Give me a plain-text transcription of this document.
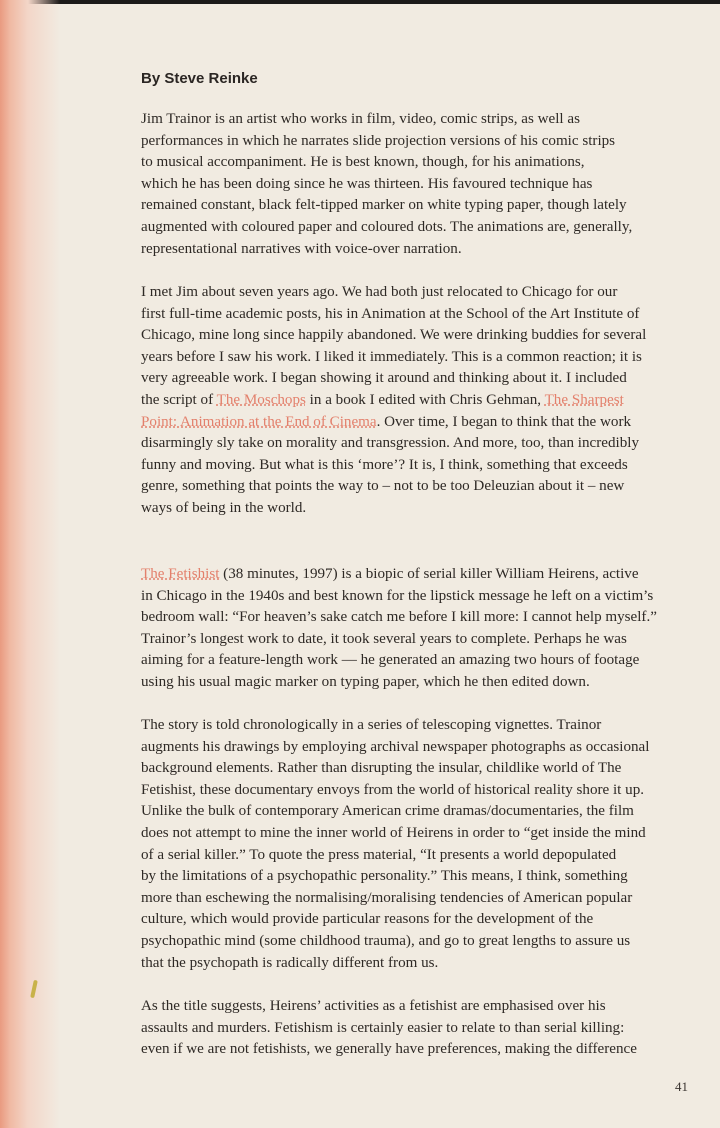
By Steve Reinke

Jim Trainor is an artist who works in film, video, comic strips, as well as
performances in which he narrates slide projection versions of his comic strips
to musical accompaniment. He is best known, though, for his animations,
which he has been doing since he was thirteen. His favoured technique has
remained constant, black felt-tipped marker on white typing paper, though lately
augmented with coloured paper and coloured dots. The animations are, generally,
representational narratives with voice-over narration.

I met Jim about seven years ago. We had both just relocated to Chicago for our
first full-time academic posts, his in Animation at the School of the Art Institute of
Chicago, mine long since happily abandoned. We were drinking buddies for several
years before I saw his work. I liked it immediately. This is a common reaction; it is
very agreeable work. I began showing it around and thinking about it. I included
the script of The Moschops in a book I edited with Chris Gehman, The Sharpest
Point: Animation at the End of Cinema. Over time, I began to think that the work
disarmingly sly take on morality and transgression. And more, too, than incredibly
funny and moving. But what is this ‘more’? It is, I think, something that exceeds
genre, something that points the way to – not to be too Deleuzian about it – new
ways of being in the world.

The Fetishist (38 minutes, 1997) is a biopic of serial killer William Heirens, active
in Chicago in the 1940s and best known for the lipstick message he left on a victim’s
bedroom wall: “For heaven’s sake catch me before I kill more: I cannot help myself.”
Trainor’s longest work to date, it took several years to complete. Perhaps he was
aiming for a feature-length work — he generated an amazing two hours of footage
using his usual magic marker on typing paper, which he then edited down.

The story is told chronologically in a series of telescoping vignettes. Trainor
augments his drawings by employing archival newspaper photographs as occasional
background elements. Rather than disrupting the insular, childlike world of The
Fetishist, these documentary envoys from the world of historical reality shore it up.
Unlike the bulk of contemporary American crime dramas/documentaries, the film
does not attempt to mine the inner world of Heirens in order to “get inside the mind
of a serial killer.” To quote the press material, “It presents a world depopulated
by the limitations of a psychopathic personality.” This means, I think, something
more than eschewing the normalising/moralising tendencies of American popular
culture, which would provide particular reasons for the development of the
psychopathic mind (some childhood trauma), and go to great lengths to assure us
that the psychopath is radically different from us.

As the title suggests, Heirens’ activities as a fetishist are emphasised over his
assaults and murders. Fetishism is certainly easier to relate to than serial killing:
even if we are not fetishists, we generally have preferences, making the difference

41
